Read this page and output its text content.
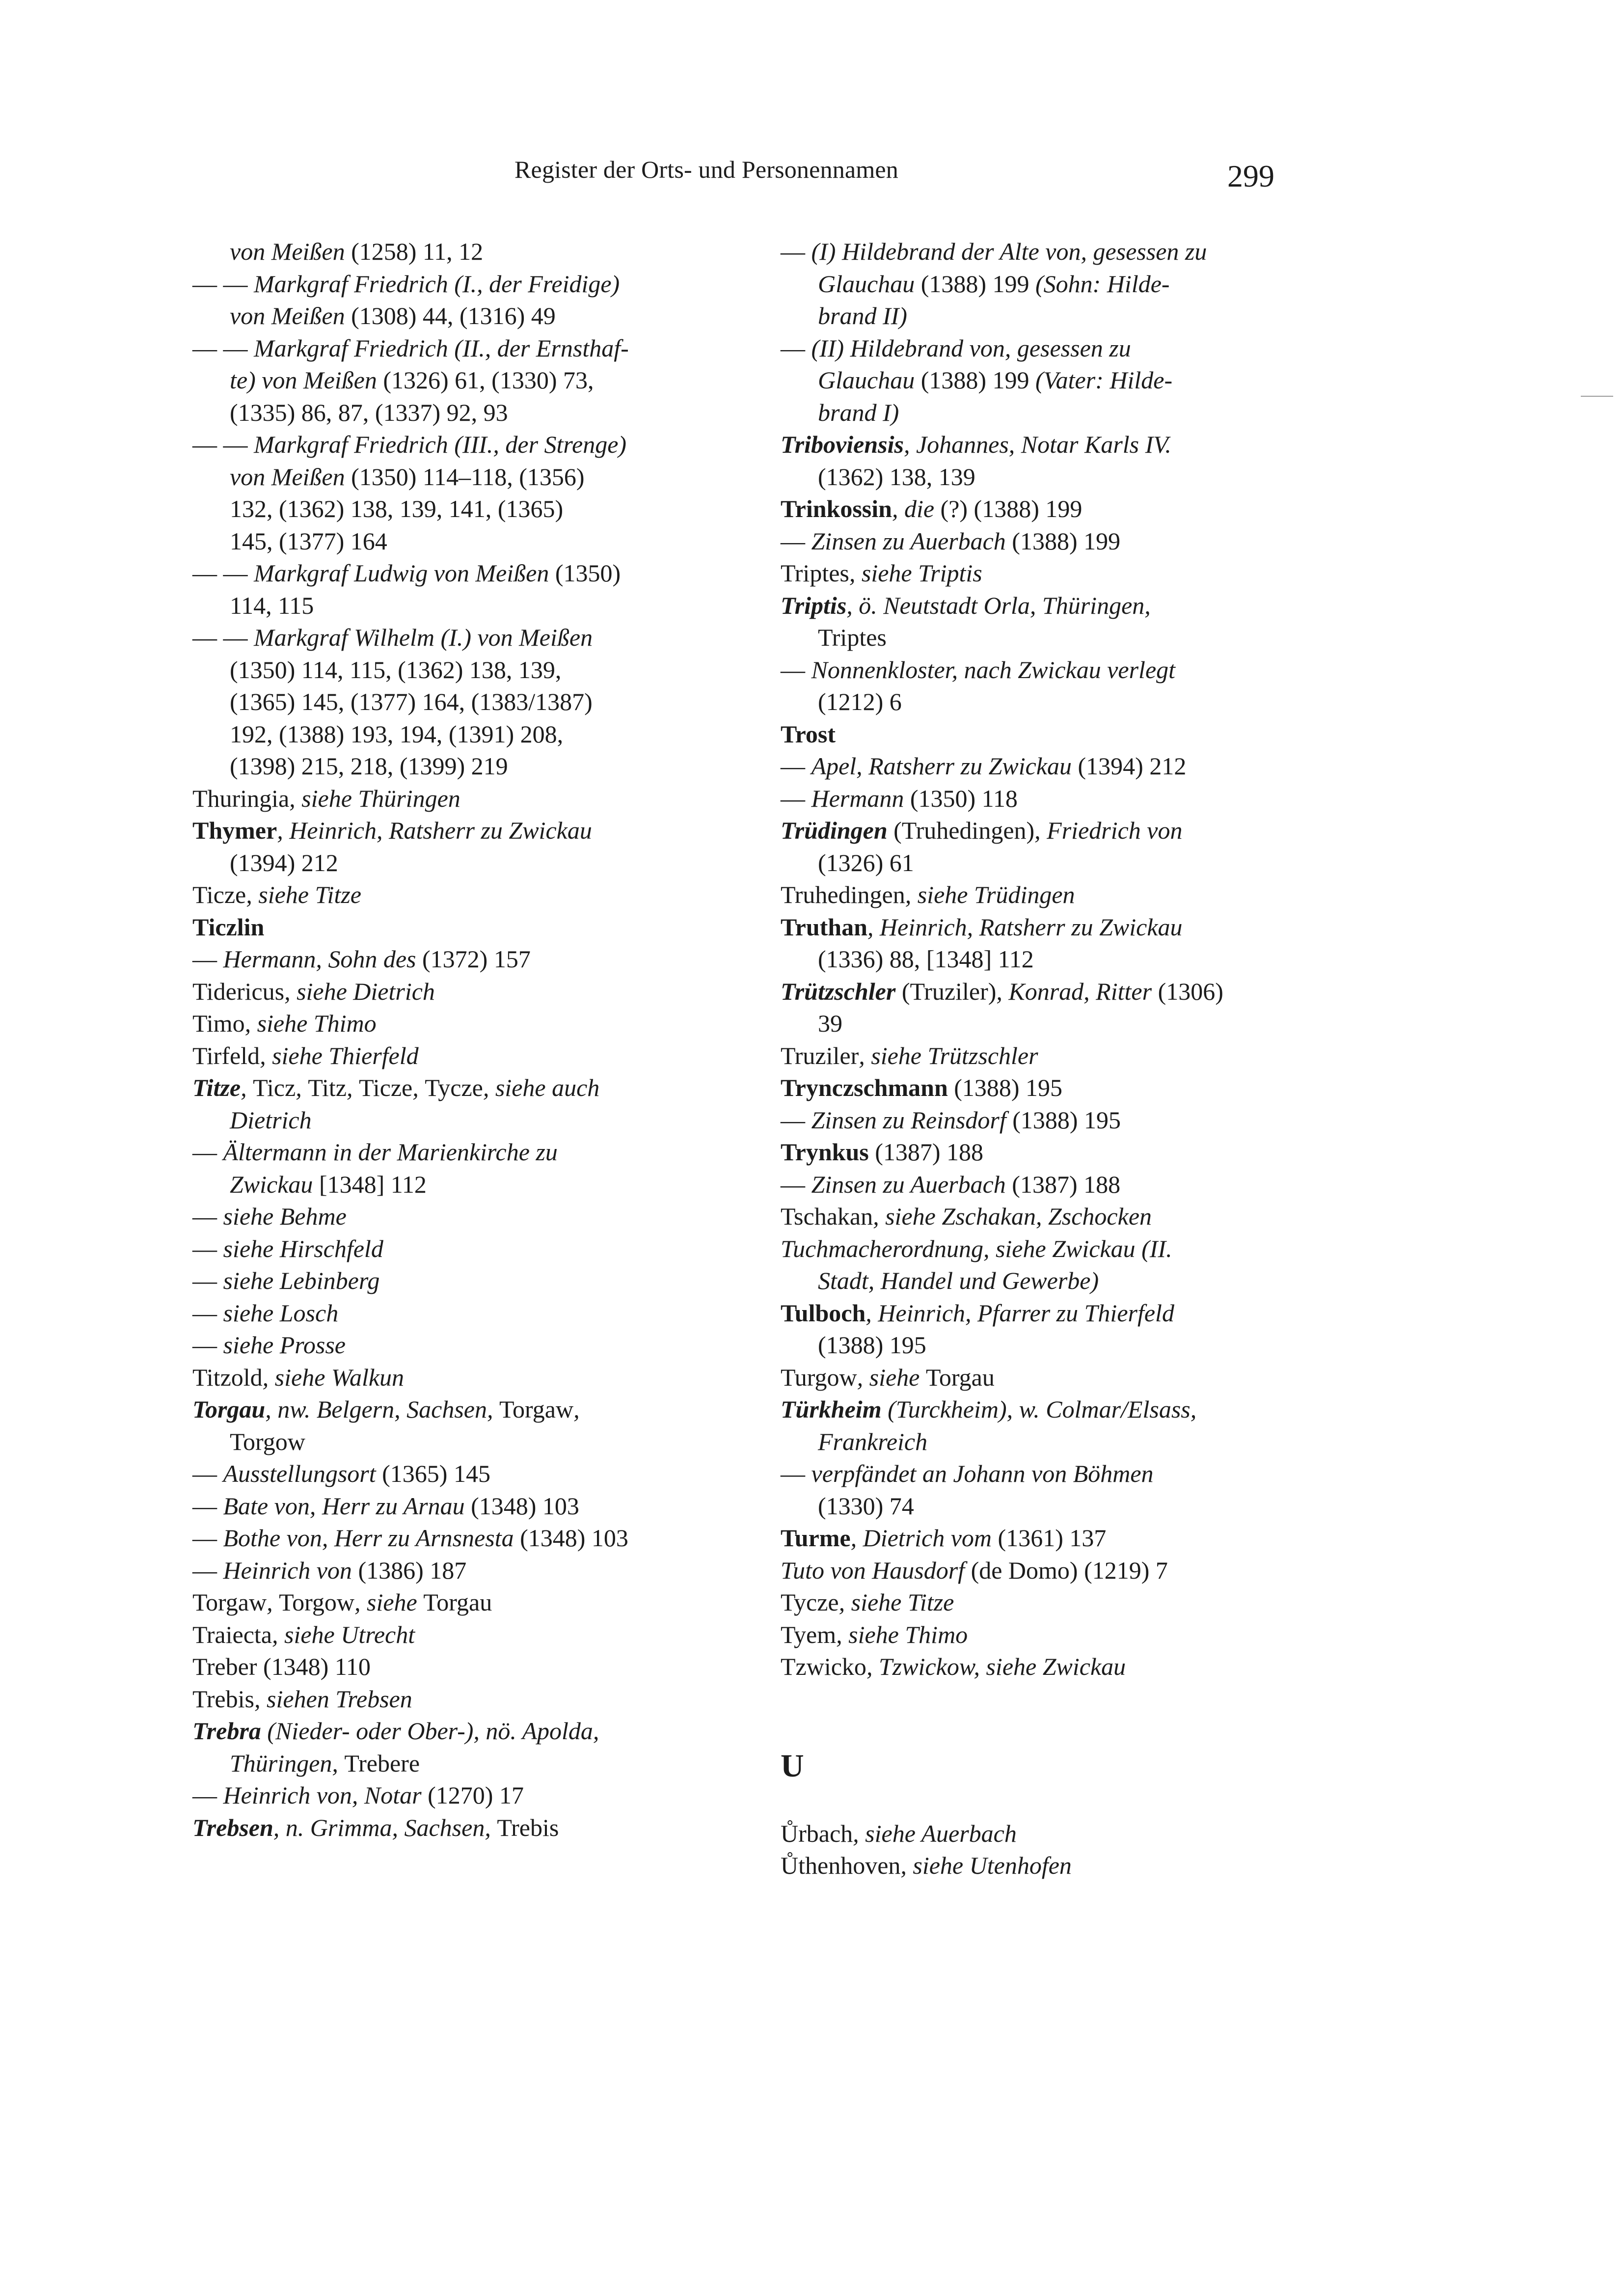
Register der Orts- und Personennamen	299
von Meißen (1258) 11, 12
— — Markgraf Friedrich (I., der Freidige)
von Meißen (1308) 44, (1316) 49
— — Markgraf Friedrich (II., der Ernsthaf-
te) von Meißen (1326) 61, (1330) 73,
(1335) 86, 87, (1337) 92, 93
— — Markgraf Friedrich (III., der Strenge)
von Meißen (1350) 114–118, (1356)
132, (1362) 138, 139, 141, (1365)
145, (1377) 164
— — Markgraf Ludwig von Meißen (1350)
114, 115
— — Markgraf Wilhelm (I.) von Meißen
(1350) 114, 115, (1362) 138, 139,
(1365) 145, (1377) 164, (1383/1387)
192, (1388) 193, 194, (1391) 208,
(1398) 215, 218, (1399) 219
Thuringia, siehe Thüringen
Thymer, Heinrich, Ratsherr zu Zwickau
(1394) 212
Ticze, siehe Titze
Ticzlin
— Hermann, Sohn des (1372) 157
Tidericus, siehe Dietrich
Timo, siehe Thimo
Tirfeld, siehe Thierfeld
Titze, Ticz, Titz, Ticze, Tycze, siehe auch
Dietrich
— Ältermann in der Marienkirche zu
Zwickau [1348] 112
— siehe Behme
— siehe Hirschfeld
— siehe Lebinberg
— siehe Losch
— siehe Prosse
Titzold, siehe Walkun
Torgau, nw. Belgern, Sachsen, Torgaw,
Torgow
— Ausstellungsort (1365) 145
— Bate von, Herr zu Arnau (1348) 103
— Bothe von, Herr zu Arnsnesta (1348) 103
— Heinrich von (1386) 187
Torgaw, Torgow, siehe Torgau
Traiecta, siehe Utrecht
Treber (1348) 110
Trebis, siehen Trebsen
Trebra (Nieder- oder Ober-), nö. Apolda,
Thüringen, Trebere
— Heinrich von, Notar (1270) 17
Trebsen, n. Grimma, Sachsen, Trebis
— (I) Hildebrand der Alte von, gesessen zu
Glauchau (1388) 199 (Sohn: Hilde-
brand II)
— (II) Hildebrand von, gesessen zu
Glauchau (1388) 199 (Vater: Hilde-
brand I)
Triboviensis, Johannes, Notar Karls IV.
(1362) 138, 139
Trinkossin, die (?) (1388) 199
— Zinsen zu Auerbach (1388) 199
Triptes, siehe Triptis
Triptis, ö. Neutstadt Orla, Thüringen,
Triptes
— Nonnenkloster, nach Zwickau verlegt
(1212) 6
Trost
— Apel, Ratsherr zu Zwickau (1394) 212
— Hermann (1350) 118
Trüdingen (Truhedingen), Friedrich von
(1326) 61
Truhedingen, siehe Trüdingen
Truthan, Heinrich, Ratsherr zu Zwickau
(1336) 88, [1348] 112
Trützschler (Truziler), Konrad, Ritter (1306)
39
Truziler, siehe Trützschler
Trynczschmann (1388) 195
— Zinsen zu Reinsdorf (1388) 195
Trynkus (1387) 188
— Zinsen zu Auerbach (1387) 188
Tschakan, siehe Zschakan, Zschocken
Tuchmacherordnung, siehe Zwickau (II.
Stadt, Handel und Gewerbe)
Tulboch, Heinrich, Pfarrer zu Thierfeld
(1388) 195
Turgow, siehe Torgau
Türkheim (Turckheim), w. Colmar/Elsass,
Frankreich
— verpfändet an Johann von Böhmen
(1330) 74
Turme, Dietrich vom (1361) 137
Tuto von Hausdorf (de Domo) (1219) 7
Tycze, siehe Titze
Tyem, siehe Thimo
Tzwicko, Tzwickow, siehe Zwickau
U
Ůrbach, siehe Auerbach
Ůthenhoven, siehe Utenhofen
